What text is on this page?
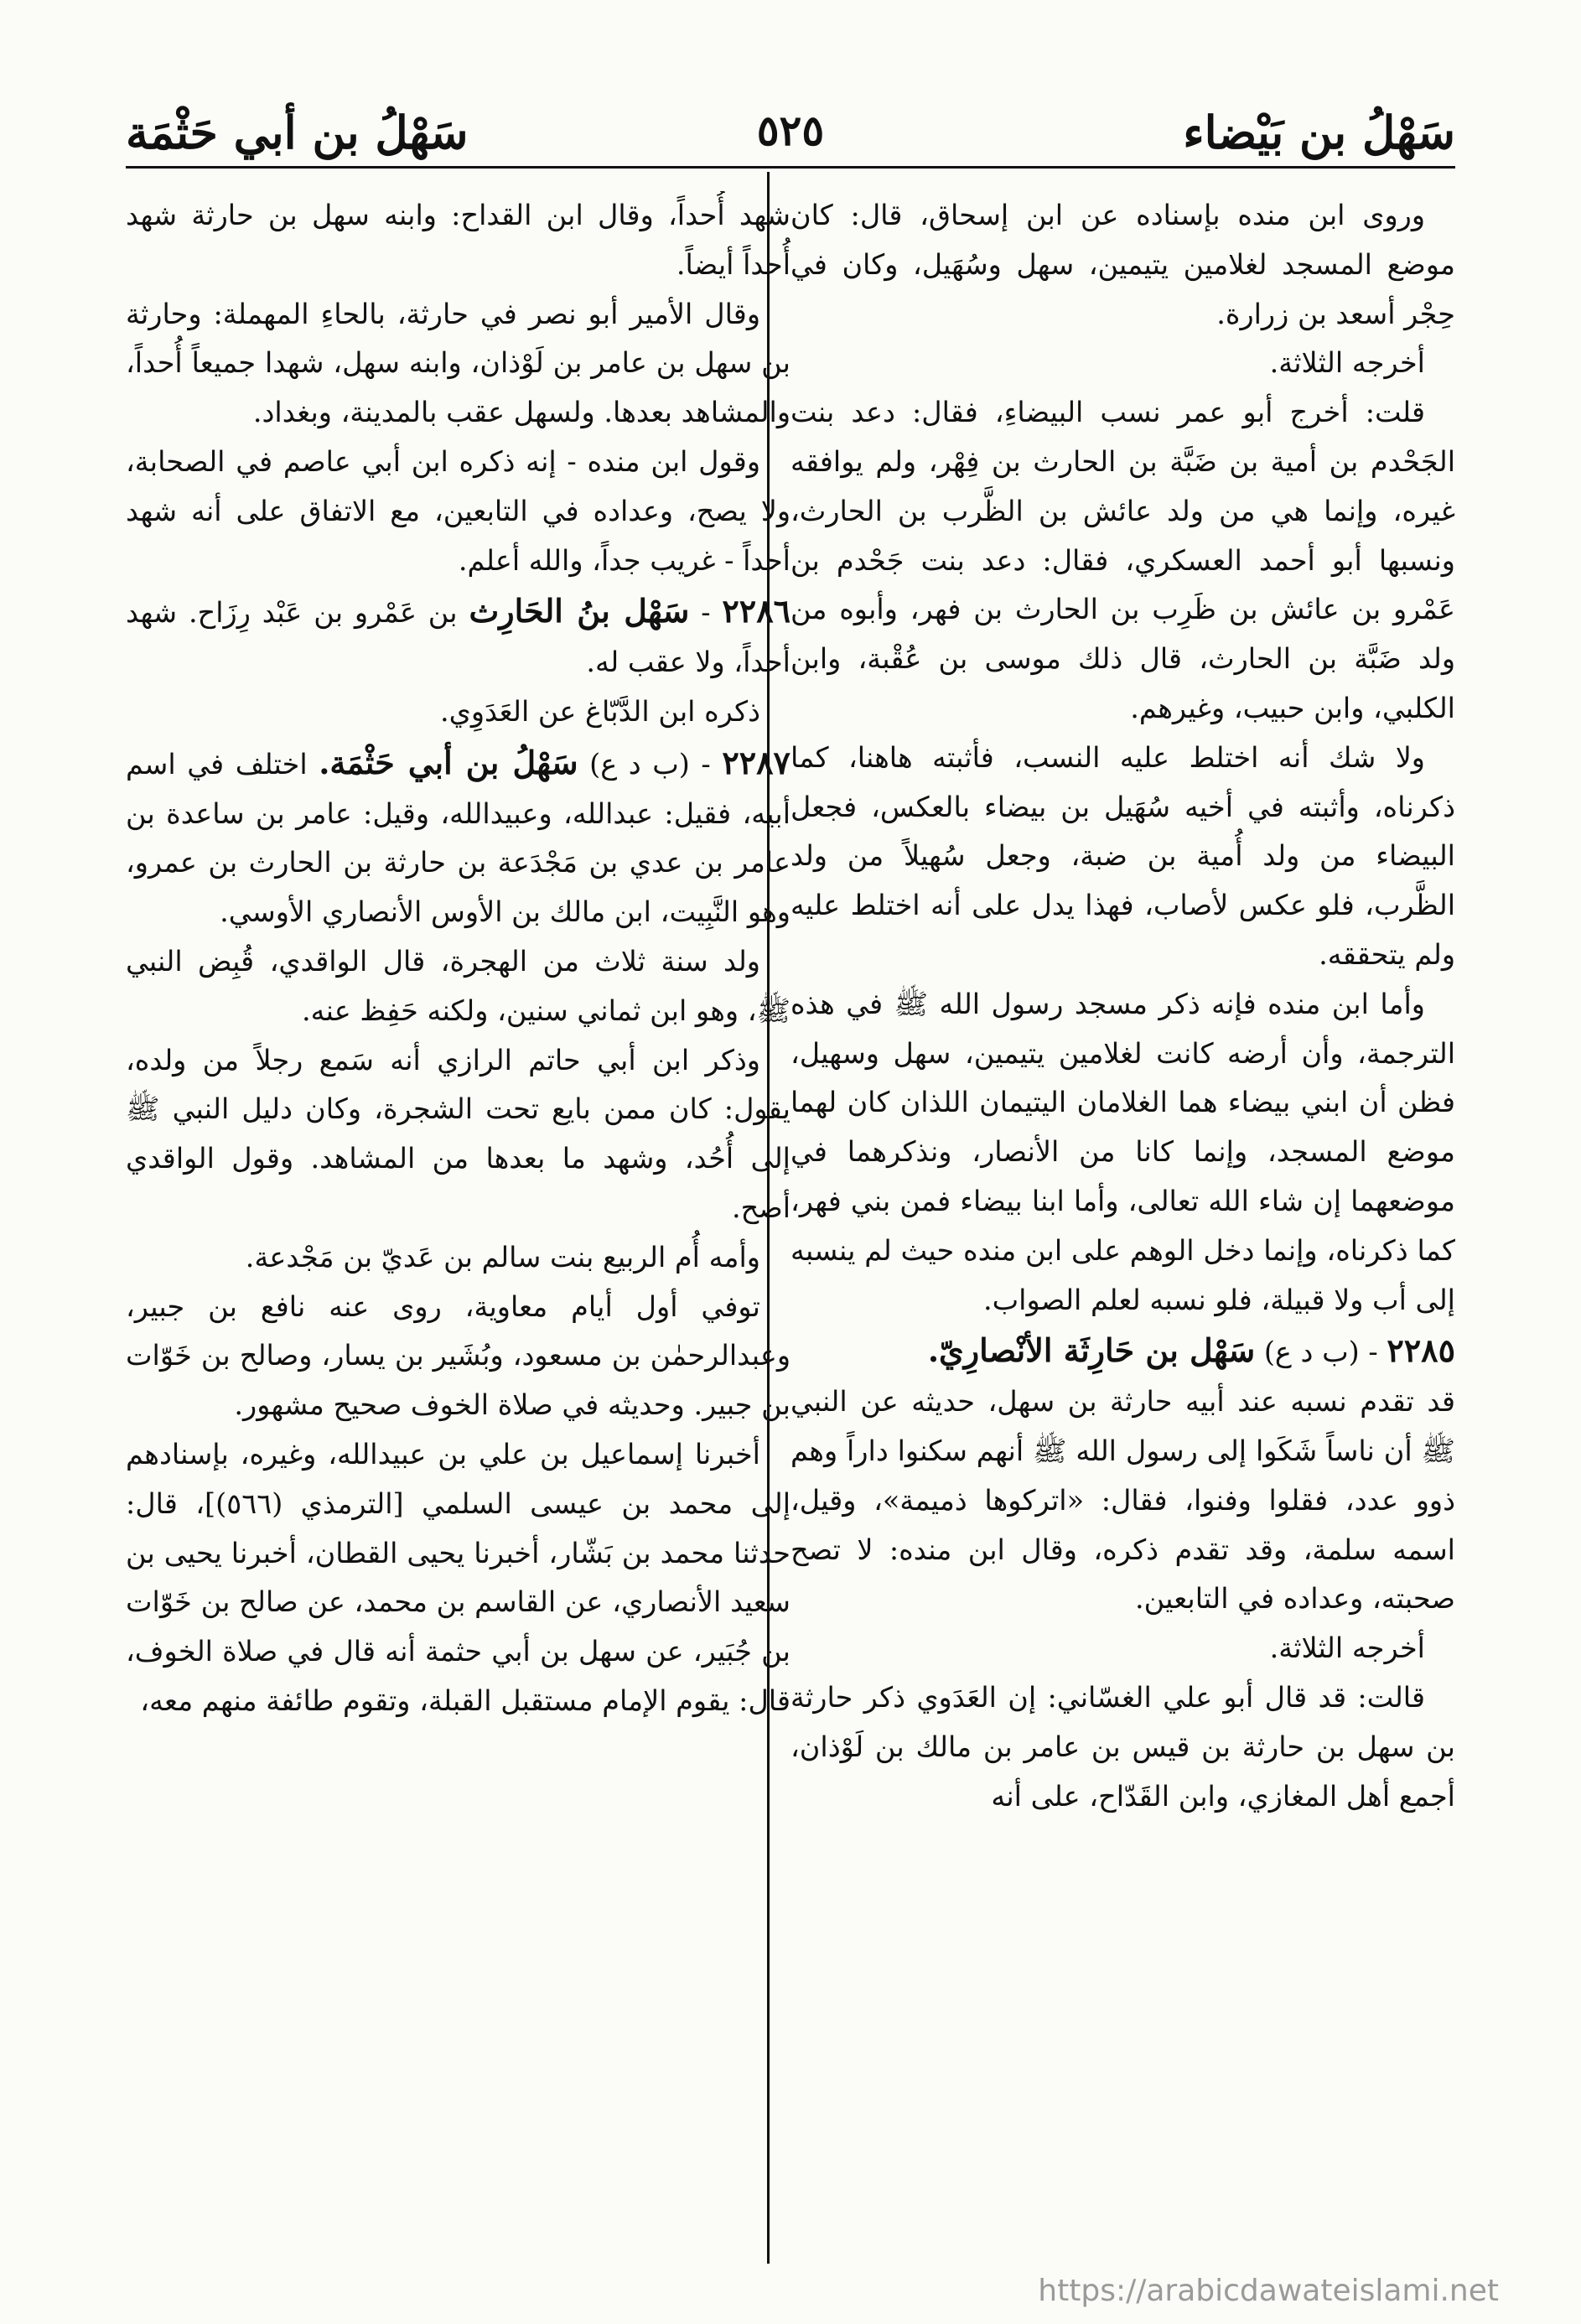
سَهْلُ بن بَيْضاء
٥٢٥
سَهْلُ بن أبي حَثْمَة

وروى ابن منده بإسناده عن ابن إسحاق، قال: كان موضع المسجد لغلامين يتيمين، سهل وسُهَيل، وكان في حِجْر أسعد بن زرارة.

أخرجه الثلاثة.

قلت: أخرج أبو عمر نسب البيضاءِ، فقال: دعد بنت الجَحْدم بن أمية بن ضَبَّة بن الحارث بن فِهْر، ولم يوافقه غيره، وإنما هي من ولد عائش بن الظَّرب بن الحارث، ونسبها أبو أحمد العسكري، فقال: دعد بنت جَحْدم بن عَمْرو بن عائش بن ظَرِب بن الحارث بن فهر، وأبوه من ولد ضَبَّة بن الحارث، قال ذلك موسى بن عُقْبة، وابن الكلبي، وابن حبيب، وغيرهم.

ولا شك أنه اختلط عليه النسب، فأثبته هاهنا، كما ذكرناه، وأثبته في أخيه سُهَيل بن بيضاء بالعكس، فجعل البيضاء من ولد أُمية بن ضبة، وجعل سُهيلاً من ولد الظَّرب، فلو عكس لأصاب، فهذا يدل على أنه اختلط عليه ولم يتحققه.

وأما ابن منده فإنه ذكر مسجد رسول الله ﷺ في هذه الترجمة، وأن أرضه كانت لغلامين يتيمين، سهل وسهيل، فظن أن ابني بيضاء هما الغلامان اليتيمان اللذان كان لهما موضع المسجد، وإنما كانا من الأنصار، ونذكرهما في موضعهما إن شاء الله تعالى، وأما ابنا بيضاء فمن بني فهر، كما ذكرناه، وإنما دخل الوهم على ابن منده حيث لم ينسبه إلى أب ولا قبيلة، فلو نسبه لعلم الصواب.

٢٢٨٥ - (ب د ع) سَهْل بن حَارِثَة الأنْصارِيّ.

قد تقدم نسبه عند أبيه حارثة بن سهل، حديثه عن النبي ﷺ أن ناساً شَكَوا إلى رسول الله ﷺ أنهم سكنوا داراً وهم ذوو عدد، فقلوا وفنوا، فقال: «اتركوها ذميمة»، وقيل، اسمه سلمة، وقد تقدم ذكره، وقال ابن منده: لا تصح صحبته، وعداده في التابعين.

أخرجه الثلاثة.

قالت: قد قال أبو علي الغسّاني: إن العَدَوي ذكر حارثة بن سهل بن حارثة بن قيس بن عامر بن مالك بن لَوْذان، أجمع أهل المغازي، وابن القَدّاح، على أنه

شهد أُحداً، وقال ابن القداح: وابنه سهل بن حارثة شهد أُحداً أيضاً.

وقال الأمير أبو نصر في حارثة، بالحاءِ المهملة: وحارثة بن سهل بن عامر بن لَوْذان، وابنه سهل، شهدا جميعاً أُحداً، والمشاهد بعدها. ولسهل عقب بالمدينة، وبغداد.

وقول ابن منده - إنه ذكره ابن أبي عاصم في الصحابة، ولا يصح، وعداده في التابعين، مع الاتفاق على أنه شهد أحداً - غريب جداً، والله أعلم.

٢٢٨٦ - سَهْل بنُ الحَارِث بن عَمْرو بن عَبْد رِزَاح. شهد أحداً، ولا عقب له.

ذكره ابن الدَّبّاغ عن العَدَوِي.

٢٢٨٧ - (ب د ع) سَهْلُ بن أبي حَثْمَة. اختلف في اسم أبيه، فقيل: عبدالله، وعبيدالله، وقيل: عامر بن ساعدة بن عامر بن عدي بن مَجْدَعة بن حارثة بن الحارث بن عمرو، وهو النَّبِيت، ابن مالك بن الأوس الأنصاري الأوسي.

ولد سنة ثلاث من الهجرة، قال الواقدي، قُبِض النبي ﷺ، وهو ابن ثماني سنين، ولكنه حَفِظ عنه.

وذكر ابن أبي حاتم الرازي أنه سَمع رجلاً من ولده، يقول: كان ممن بايع تحت الشجرة، وكان دليل النبي ﷺ إلى أُحُد، وشهد ما بعدها من المشاهد. وقول الواقدي أصح.

وأمه أُم الربيع بنت سالم بن عَديّ بن مَجْدعة.

توفي أول أيام معاوية، روى عنه نافع بن جبير، وعبدالرحمٰن بن مسعود، وبُشَير بن يسار، وصالح بن خَوّات بن جبير. وحديثه في صلاة الخوف صحيح مشهور.

أخبرنا إسماعيل بن علي بن عبيدالله، وغيره، بإسنادهم إلى محمد بن عيسى السلمي [الترمذي (٥٦٦)]، قال: حدثنا محمد بن بَشّار، أخبرنا يحيى القطان، أخبرنا يحيى بن سعيد الأنصاري، عن القاسم بن محمد، عن صالح بن خَوّات بن جُبَير، عن سهل بن أبي حثمة أنه قال في صلاة الخوف، قال: يقوم الإمام مستقبل القبلة، وتقوم طائفة منهم معه،

https://arabicdawateislami.net
